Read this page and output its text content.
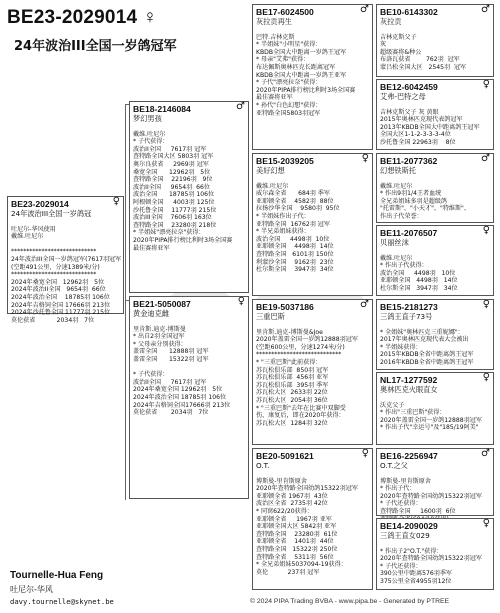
BE23-2029014 ♀
24年波治III全国一岁鸽冠军
BE23-2029014	♀
24年波治III全国一岁鸽冠

吐尼尔-华风使用
戴维.吐尼尔

****************************
24年波治III全国一岁鸽冠军(7617羽冠军
(空距491公里，分速1389米/分)
****************************
2024年桑宽全国   12962羽   5位
2024年波治II全国   9654羽  66位
2024年波治全国    18785羽 106位
2024年吉格饲全国 17666羽 213位
2024年沙托鲁全国 11777羽 215位
莫伦获省           2034羽   7位
BE18-2146084	♂
梦幻男孩

戴维.吐尼尔
* 子代获得：
波治II全国     7617羽 冠军
查特路全国大区 5803羽 冠军
奥尔良获省     2969羽 冠军
桑宽全国      12962羽   5位
查特路全国    22196羽   9位
波治II全国     9654羽  66位
波治全国      18785羽 106位
阿根顿全国     4003羽 125位
沙托鲁全国    11777羽 215位
波治III全国    7606羽 163位
查特路全国    23280羽 218位
* 半姐妹"漂亮拉奈"获得：
2020年PIPA排行榜比利时3场全国赛
最佳赛将亚军
BE21-5050087	♀
黄金迪克雌

里肯斯.迪克-博斯曼
* 出自2羽全国冠军
* 父母亲分别获得：
盖雷全国      12888羽 冠军
盖雷全国      15322羽 冠军

* 子代获得：
波治II全国     7617羽 冠军
2024年桑宽全国 12962羽   5位
2024年波治全国 18785羽 106位
2024年吉格饲全国17666羽 213位
莫伦获省       2034羽   7位
BE17-6024500	♂
灰拉贡再生

巴特.吉林克斯
* 半姐妹"小明星"获得：
KBDB全国大中距离一岁鸽王冠军
* 母亲"艾弗"获得：
布达佩斯奥林匹克长距离冠军
KBDB全国大中距离一岁鸽王亚军
* 子代"漂亮拉奈"获得：
2020年PIPA排行榜比利时3场全国赛
最佳赛将亚军
* 孙代"白色幻想"获得：
亚特路全国5803羽冠军
BE10-6143302	♂
灰拉贡

吉林克斯父子
灰
超级赛将&种公
布洛瓦获省        762羽  冠军
蒙吕松全国大区   2545羽  冠军
BE12-6042459	♀
艾弗-巴特之母

吉林克斯父子 灰 黄眼
2015年奥林匹克现代表鸽冠军
2013年KBDB全国大中距离鸽王冠军
全国大区1-1-2-3-3-3-4位
沙托鲁全国 22963羽    8位
BE15-2039205	♀
美好幻想

戴维.吐尼尔
威尔森全省      684羽 季军
亚耶顿全省    4582羽  88位
拉扬沙华全国    9580羽  95位
* 半姐妹作出子代：
亚特路全国  16762羽 冠军
* 半兄弟姐妹获得：
波治全国     4498羽  10位
亚耶顿全国    4498羽  14位
查特路全国   6101羽 150位
利蒙沙全国    9162羽  23位
杜尔斯全国    3947羽  34位
BE11-2077362	♂
幻想铁斯托

戴维.吐尼尔
* 作出9羽1/4王者血统
全兄弟姐妹多羽是超级鸽
"托雷斯"、"小天才"、"特维斯"、
作出子代荣誉：
BE11-2076507	♀
贝丽丝沫

戴维.吐尼尔
* 作出子代获得：
波治全国     4498羽   10位
亚耶顿全国   4498羽   14位
杜尔斯全国   3947羽   34位
BE19-5037186	♂
三重巴斯

里肯斯.迪克-博斯曼&Joe
2020年盖雷全国一岁鸽12888羽冠军
(空距600公里，分速1274米/分)
****************************
* "三重巴斯"此前获得：
苏瓦松俱乐部  850羽 冠军
苏瓦松俱乐部  456羽 亚军
苏瓦松俱乐部  395羽 季军
苏瓦松大区  2633羽 22位
苏瓦松大区  2054羽 36位
* "三重巴斯"去年在比赛中双脚受
伤，康复后，即在2020年获得：
苏瓦松大区  1284羽 32位
BE15-2181273	♀
三鸽王直子73号

* 全姐妹"奥林匹克三重妮娜"：
2017年奥林匹克现代表大会被出
* 半姐妹获得：
2015年KBDB全省中距离鸽王冠军
2016年KBDB全省中距离鸽王冠军
NL17-1277592	♀
奥林匹克火眼直女

沃克父子
* 作出"三重巴斯"获得：
2020年盖雷全国一岁鸽12888羽冠军
* 作出子代"幸运号"及"185/19阿美"
BE20-5091621	♀
O.T.

博斯曼-里肯斯原舍
2020年查特路全国幼鸽15322羽冠军
亚耶顿全省 1967羽  43位
波治区全省  2735羽 42位
* 同窝622/20获得：
亚耶顿全省     1967羽 亚军
亚耶顿全国大区 5842羽 亚军
查特路全国    23280羽  61位
亚耶顿全省    1401羽  44位
查特路全国   15322羽 250位
查特路全省    5311羽  56位
* 全兄弟姐妹5037094-19获得：
莫伦          237羽 冠军
BE16-2256947	♂
O.T.之父

博斯曼-里肯斯原舍
* 作出子代：
2020年查特路全国幼鸽15322羽冠军
* 子代还获得：
查特路全国     1600羽  6位
BE14-2090029	♀
三鸽王直女029

* 作出子2"O.T."获得：
2020年查特路全国幼鸽15322羽冠军
* 子代还获得：
390公里中距离576羽季军
375公里全省4955羽12位
Tournelle-Hua Feng
吐尼尔-华风
davy.tournelle@skynet.be	© 2024 PIPA Trading BVBA - www.pipa.be - Generated by PTREE
